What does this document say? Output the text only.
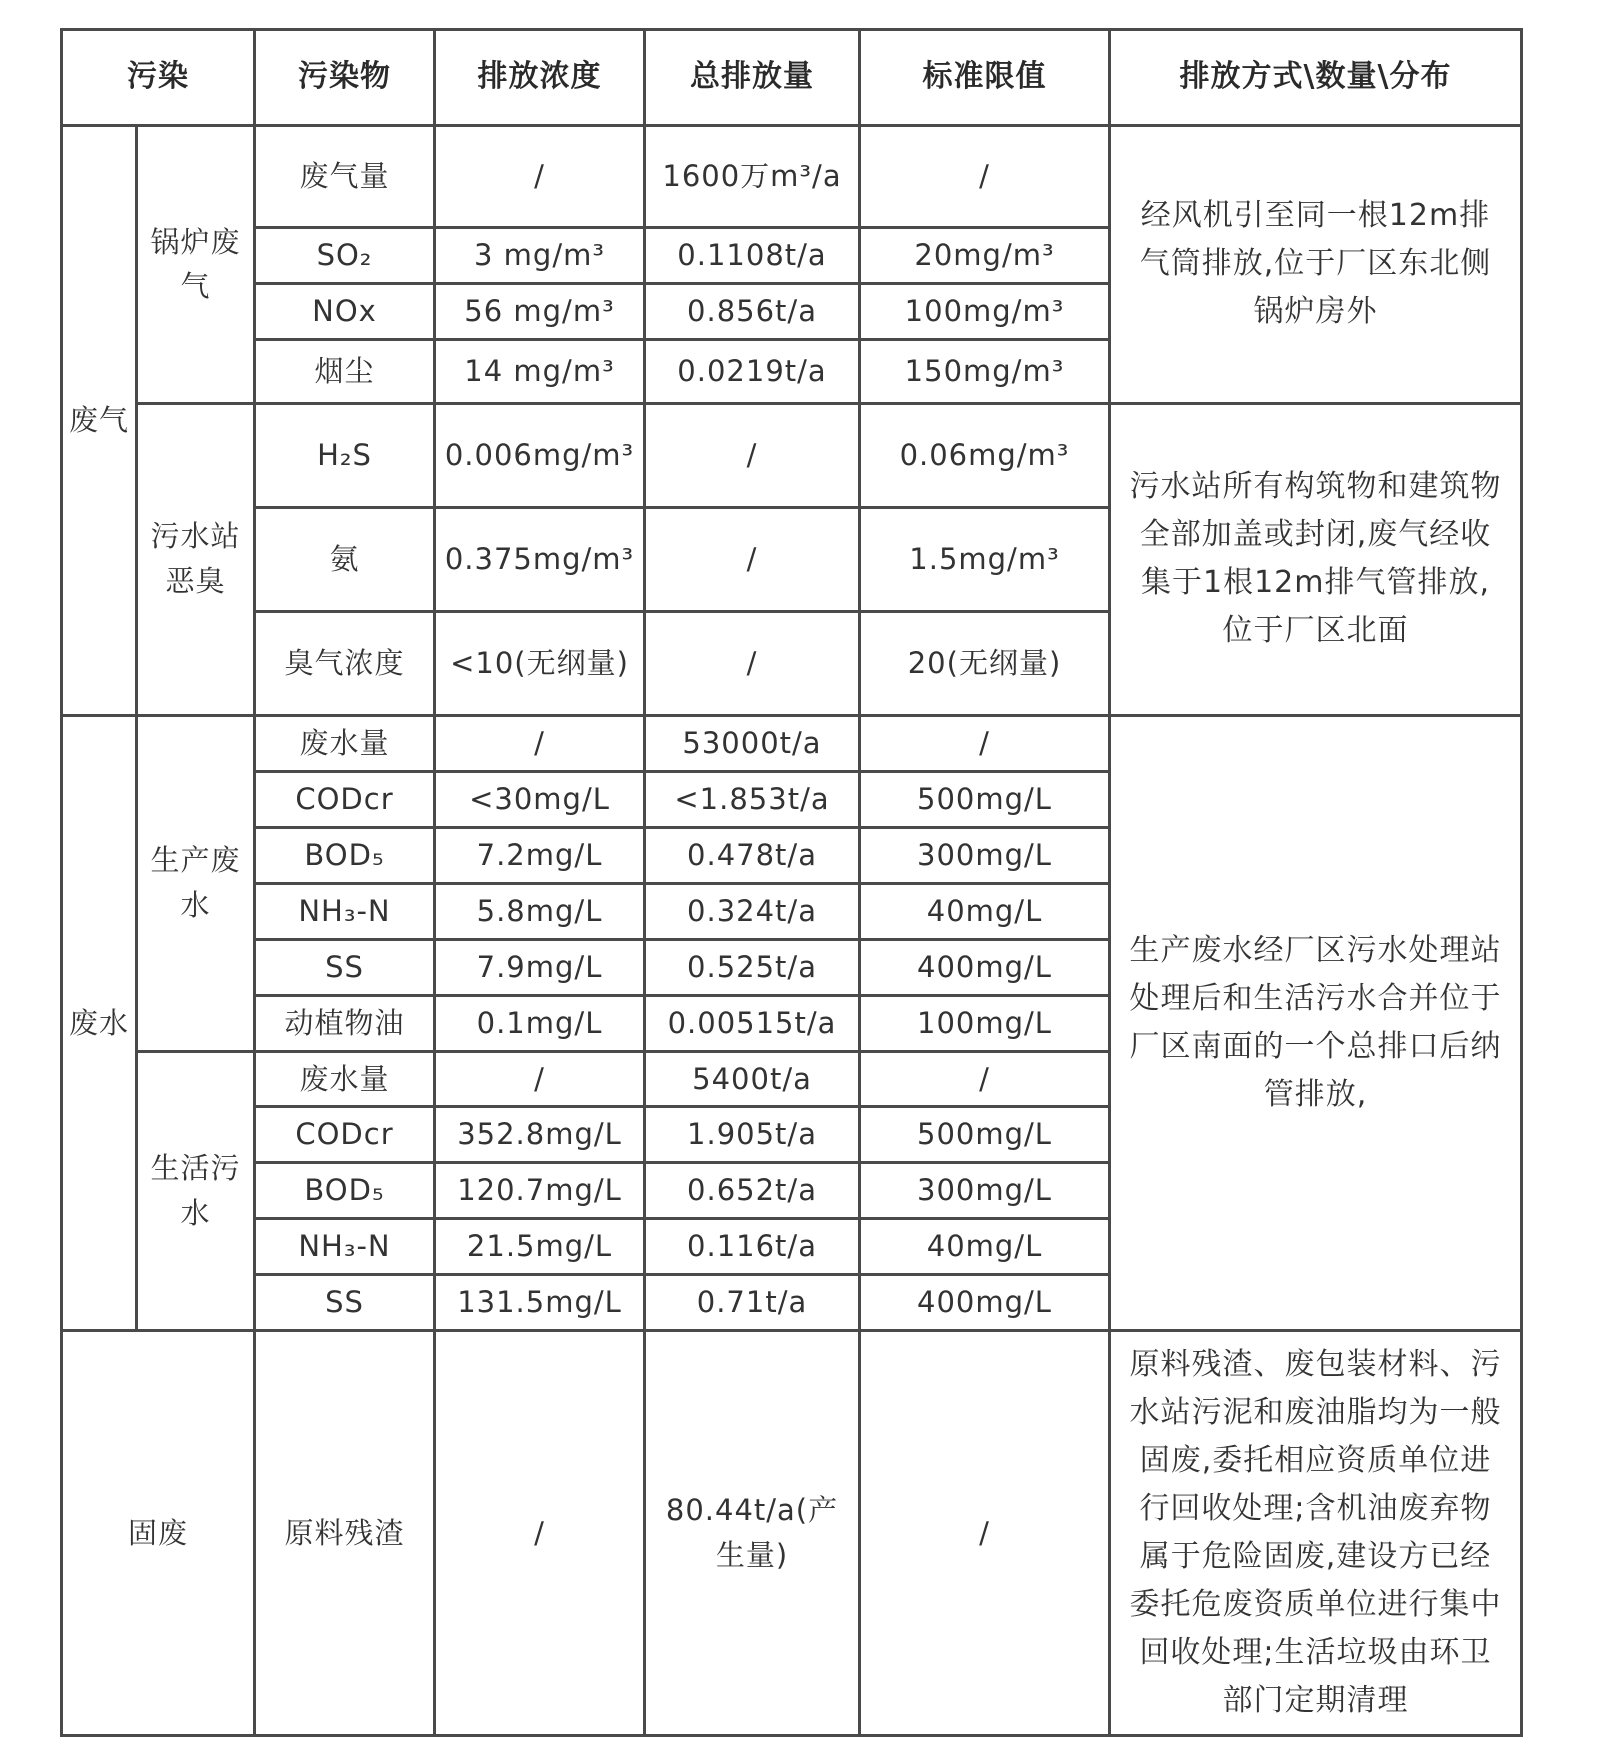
污染		污染物	排放浓度	总排放量	标准限值	排放方式\数量\分布
废气	锅炉废气	废气量	/	1600万m³/a	/	经风机引至同一根12m排气筒排放,位于厂区东北侧锅炉房外
		SO₂	3 mg/m³	0.1108t/a	20mg/m³	
		NOx	56 mg/m³	0.856t/a	100mg/m³	
		烟尘	14 mg/m³	0.0219t/a	150mg/m³	
	污水站恶臭	H₂S	0.006mg/m³	/	0.06mg/m³	污水站所有构筑物和建筑物全部加盖或封闭,废气经收集于1根12m排气管排放,位于厂区北面
		氨	0.375mg/m³	/	1.5mg/m³	
		臭气浓度	<10(无纲量)	/	20(无纲量)	
废水	生产废水	废水量	/	53000t/a	/	生产废水经厂区污水处理站处理后和生活污水合并位于厂区南面的一个总排口后纳管排放,
		CODcr	<30mg/L	<1.853t/a	500mg/L	
		BOD₅	7.2mg/L	0.478t/a	300mg/L	
		NH₃-N	5.8mg/L	0.324t/a	40mg/L	
		SS	7.9mg/L	0.525t/a	400mg/L	
		动植物油	0.1mg/L	0.00515t/a	100mg/L	
	生活污水	废水量	/	5400t/a	/	
		CODcr	352.8mg/L	1.905t/a	500mg/L	
		BOD₅	120.7mg/L	0.652t/a	300mg/L	
		NH₃-N	21.5mg/L	0.116t/a	40mg/L	
		SS	131.5mg/L	0.71t/a	400mg/L	
固废		原料残渣	/	80.44t/a(产生量)	/	原料残渣、废包装材料、污水站污泥和废油脂均为一般固废,委托相应资质单位进行回收处理;含机油废弃物属于危险固废,建设方已经委托危废资质单位进行集中回收处理;生活垃圾由环卫部门定期清理
